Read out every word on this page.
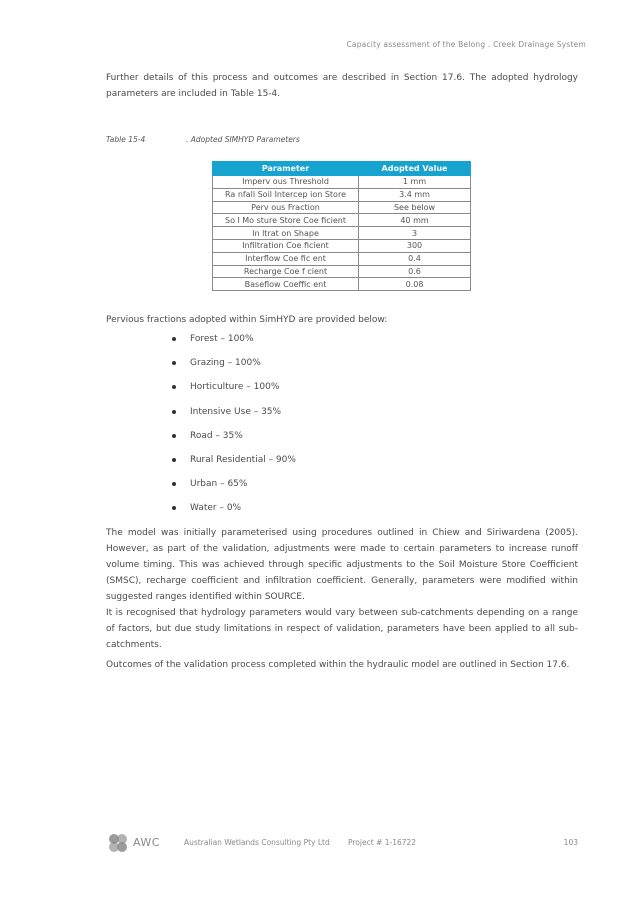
Capacity assessment of the Belong . Creek Drainage System

Further details of this process and outcomes are described in Section 17.6. The adopted hydrology parameters are included in Table 15-4.

Table 15-4	. Adopted SIMHYD Parameters
Parameter	Adopted Value
Imperv ous Threshold	1 mm
Ra nfall Soil Intercep ion Store	3.4 mm
Perv ous Fraction	See below
So l Mo sture Store Coe ficient	40 mm
In ltrat on Shape	3
Infiltration Coe ficient	300
Interflow Coe fic ent	0.4
Recharge Coe f cient	0.6
Baseflow Coeffic ent	0.08

Pervious fractions adopted within SimHYD are provided below:

Forest – 100%
Grazing – 100%
Horticulture – 100%
Intensive Use – 35%
Road – 35%
Rural Residential – 90%
Urban – 65%
Water – 0%

The model was initially parameterised using procedures outlined in Chiew and Siriwardena (2005). However, as part of the validation, adjustments were made to certain parameters to increase runoff volume timing. This was achieved through specific adjustments to the Soil Moisture Store Coefficient (SMSC), recharge coefficient and infiltration coefficient. Generally, parameters were modified within suggested ranges identified within SOURCE.

It is recognised that hydrology parameters would vary between sub-catchments depending on a range of factors, but due study limitations in respect of validation, parameters have been applied to all sub-catchments.

Outcomes of the validation process completed within the hydraulic model are outlined in Section 17.6.

AWC	Australian Wetlands Consulting Pty Ltd Project # 1-16722	103
